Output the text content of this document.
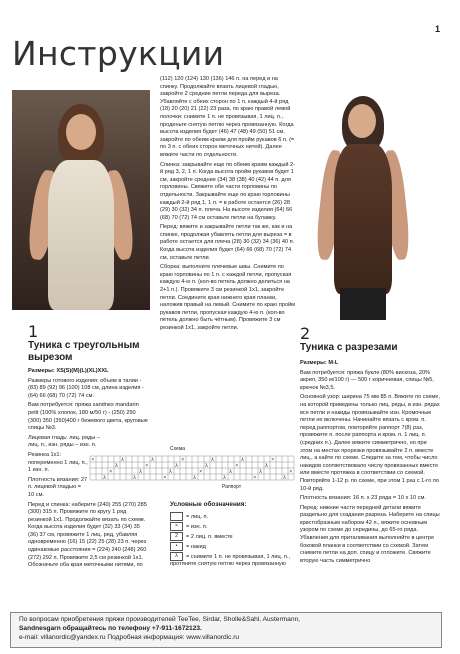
Инструкции
1
1
Туника с треугольным вырезом

Размеры: XS(S)(M)(L)(XL)XXL

Размеры готового изделия: объем в талии - (83) 89 (92) 96 (100) 108 см, длина изделия - (64) 66 (68) 70 (72) 74 см.

Вам потребуется: пряжа sandnes mandarin petit (100% хлопок, 180 м/50 г) - (250) 250 (300) 350 (350)400 г бежевого цвета, круговые спицы №3.

Лицевая гладь: лиц. ряды – лиц. п., изн. ряды – изн. п.

Резинка 1х1: попеременно 1 лиц. п., 1 изн. п.

Плотность вязания: 27 п. лицевой гладью = 10 см.

Перед и спинка: наберите (240) 255 (270) 285 (300) 315 п. Провяжите по кругу 1 ряд резинкой 1х1. Продолжайте вязать по схеме. Когда высота изделия будет (32) 33 (34) 35 (36) 37 см, провяжите 1 лиц. ряд, убавляя одновременно (16) 15 (22) 25 (28) 23 п. через одинаковые расстояния = (224) 240 (248) 260 (272) 292 п. Провяжите 2,5 см резинкой 1х1. Обозначьте оба края меточными нитями, по

(112) 120 (124) 130 (136) 146 п. на перед и на спинку. Продолжайте вязать лицевой гладью, закройте 2 средние петли переда для выреза. Убавляйте с обеих сторон по 1 п. каждый 4-й ряд (18) 20 (20) 21 (22) 23 раза, по краю правой левой полочки: снимите 1 п. не провязывая, 1 лиц. п., проденьте снятую петлю через провязанную. Когда высота изделия будет (46) 47 (48) 49 (50) 51 см, закройте по обеим краям для пройм рукавов 6 п. (= по 3 п. с обеих сторон меточных нитей). Далее вяжите части по отдельности.

Спинка: закрывайте еще по обеим краям каждый 2-й ряд 3, 2, 1 п. Когда высота пройм рукавов будет 1 см, закройте средние (34) 38 (38) 40 (42) 44 п. для горловины. Свяжите обе части горловины по отдельности. Закрывайте еще по краю горловины каждый 2-й ряд 1, 1 п. = в работе остается (26) 28 (29) 30 (32) 34 п. плеча. На высоте изделия (64) 66 (68) 70 (72) 74 см оставьте петли на булавку.

Перед: вяжите и закрывайте петли так же, как и на спинке, продолжая убавлять петли для выреза = в работе остается для плеча (28) 30 (32) 34 (36) 40 п. Когда высота изделия будет (64) 66 (68) 70 (72) 74 см, оставьте петли.

Сборка: выполните плечевые швы. Снимите по краю горловины по 1 п. с каждой петли, пропуская каждую 4-ю п. (кол-во петель должно делиться на 2+1 п.). Провяжите 3 см резинкой 1х1, закройте петли. Соедините края нижнего края планки, наложив правый на левый. Снимите по краю пройм рукавов петли, пропуская каждую 4-ю п. (кол-во петель должно быть чётным). Провяжите 3 см резинкой 1х1, закройте петли.

Схема
×
λ
×
λ
λ
λ
λ
×
λ
×
λ
λ
×
λ
×
λ
λ
λ
λ
×
λ
×
λ
λ
×
λ
×
Раппорт
Условные обозначения:
= лиц. п.
× = изн. п.
2 = 2 лиц. п. вместе
• = накид
λ = снимите 1 п. не провязывая, 1 лиц. п., протяните снятую петлю через провязанную
2
Туника с разрезами

Размеры: M-L

Вам потребуется: пряжа букле (80% вискоза, 20% акрил, 350 м/100 г) — 500 г коричневая, спицы №5, крючок №3,5.

Основной узор: ширина 75 мм 85 п. Вяжите по схеме, на которой приведены только лиц. ряды, в изн. рядах все петли и накиды провязывайте изн. Кромочные петли не включены. Начинайте вязать с кром. п. перед раппортом, повторяйте раппорт 7(8) раз, провяжите п. после раппорта и кром. п. 1 лиц. п. (средних п.). Далее вяжите симметрично, но при этом на местах прорезки провязывайте 2 п. вместе лиц., а кайте по схеме. Следите за тем, чтобы число накидов соответствовало числу провязанных вместе или вместе протяжка в соответствии со схемой. Повторяйте 1-12 р. по схеме, при этом 1 раз с 1-го по 10-й ряд.

Плотность вязания: 16 п. x 23 ряда = 10 x 10 см.

Перед: нижние части передней детали вяжите раздельно для создания разреза. Наберите на спицы кристобразным набором 42 п., вяжите основным узором по схеме до середины, до 65-го ряда. Убавления для приталивания выполняйте в центре боковой планки в соответствии со схемой. Затем снимите петли на доп. спицу и отложите. Свяжите вторую часть симметрично

По вопросам приобретения пряжи производителей TeeTee, Sirdar, Sholle&Sahl, Austermann,
Sandnesgarn обращайтесь по телефону +7-911-1672123.
e-mail: villanordic@yandex.ru Подробная информация: www.villanordic.ru
